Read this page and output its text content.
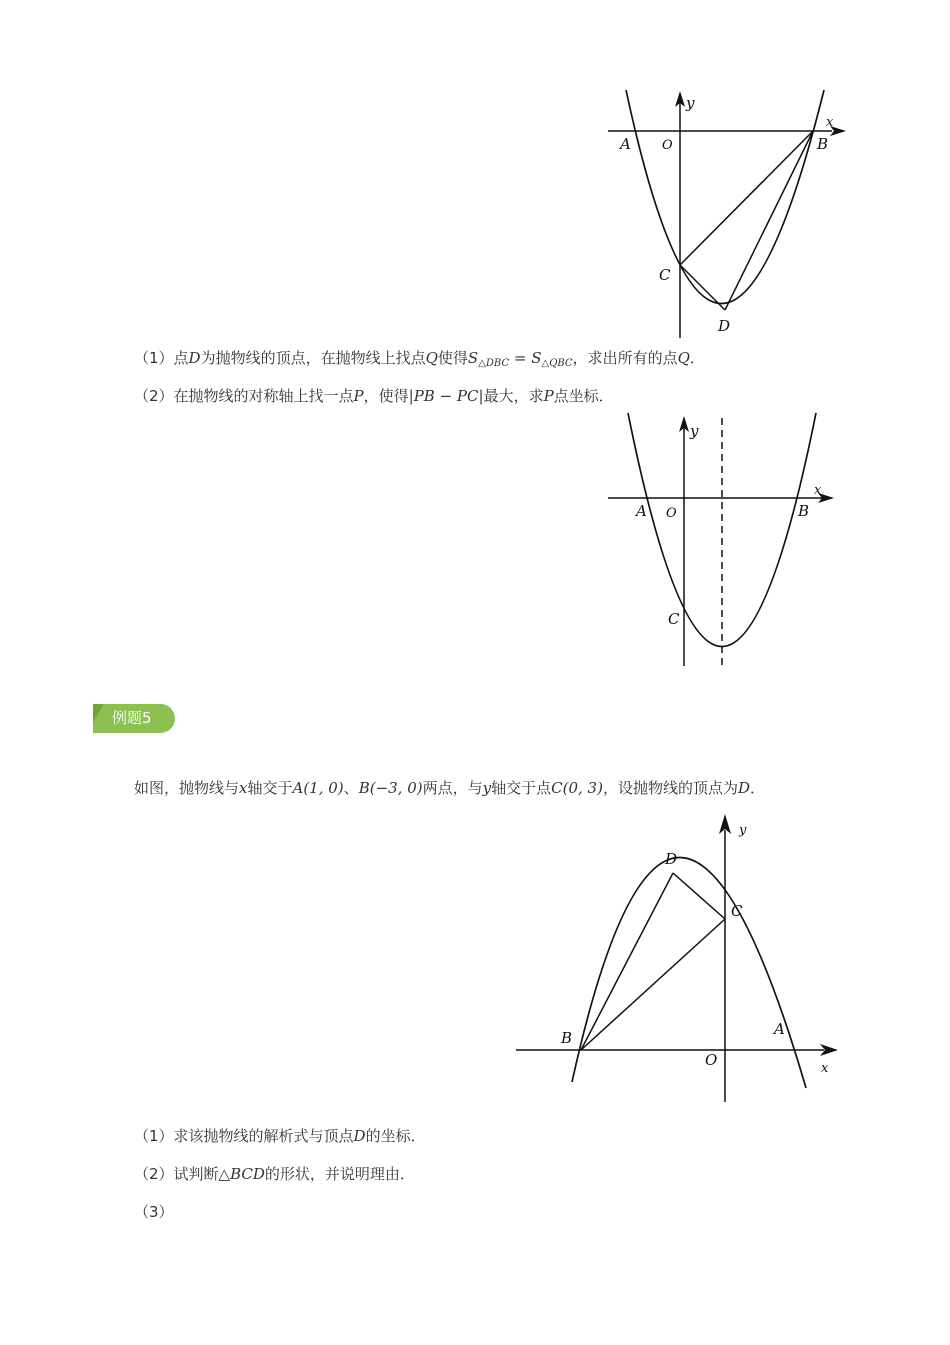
y
x
A O	B
C
D
（1）点D为抛物线的顶点，在抛物线上找点Q使得$S_{\triangle DBC} = S_{\triangle QBC}$，求出所有的点Q．
（2）在抛物线的对称轴上找一点P，使得|PB − PC|最大，求P点坐标．
y
x
A O	B
C
例题5
如图，抛物线与x轴交于A(1, 0)、B(−3, 0)两点，与y轴交于点C(0, 3)，设抛物线的顶点为D．
y
x
D
C
A
B
O
（1）求该抛物线的解析式与顶点D的坐标．
（2）试判断△BCD的形状，并说明理由．
（3）
